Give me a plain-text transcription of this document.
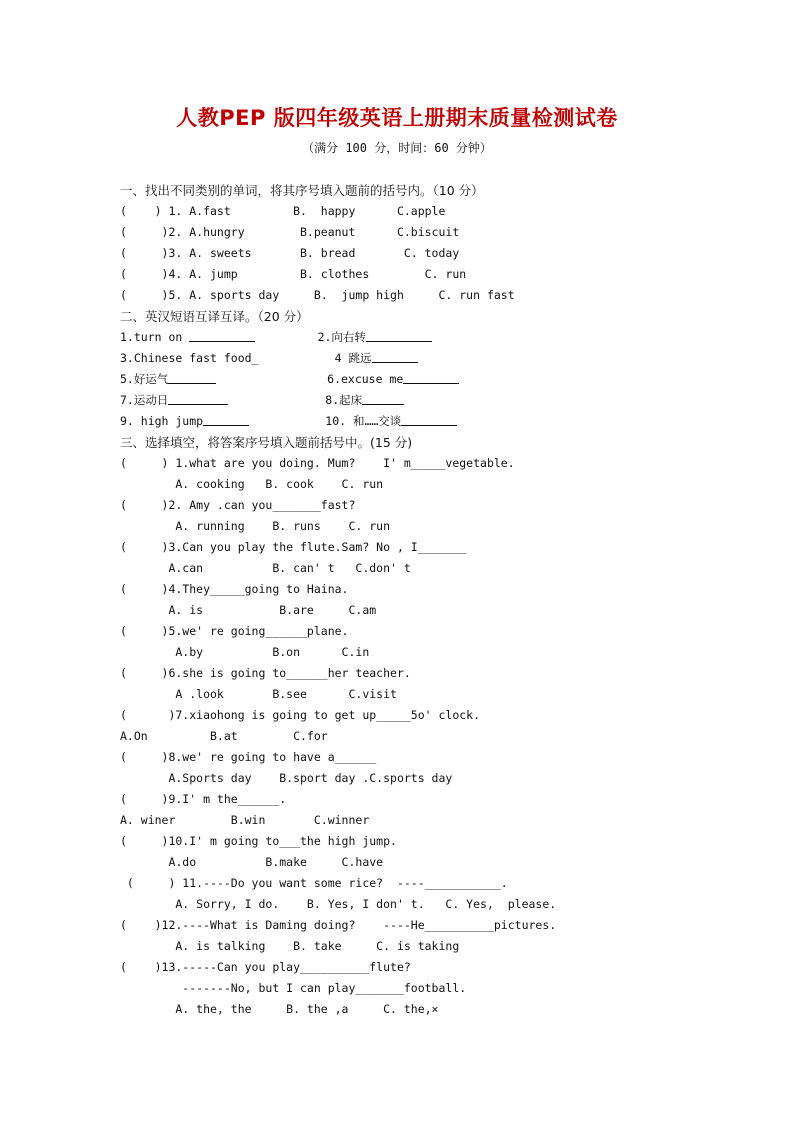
人教PEP 版四年级英语上册期末质量检测试卷
（满分 100 分，时间：60 分钟）
一、找出不同类别的单词，将其序号填入题前的括号内。（10 分）
(    ) 1. A.fast         B.  happy      C.apple
(     )2. A.hungry        B.peanut      C.biscuit
(     )3. A. sweets       B. bread       C. today
(     )4. A. jump         B. clothes        C. run
(     )5. A. sports day     B.  jump high     C. run fast
二、英汉短语互译互译。（20 分）
1.turn on	2.向右转
3.Chinese fast food_	4 跳远
5.好运气	6.excuse me
7.运动日	8.起床
9. high jump	10. 和……交谈
三、选择填空，将答案序号填入题前括号中。(15 分)
(     ) 1.what are you doing. Mum?    I' m_____vegetable.
A. cooking   B. cook    C. run
(     )2. Amy .can you_______fast?
A. running    B. runs    C. run
(     )3.Can you play the flute.Sam? No , I_______
A.can          B. can' t   C.don' t
(     )4.They_____going to Haina.
A. is           B.are     C.am
(     )5.we' re going______plane.
A.by          B.on      C.in
(     )6.she is going to______her teacher.
A .look       B.see      C.visit
(      )7.xiaohong is going to get up_____5o' clock.
A.On         B.at        C.for
(     )8.we' re going to have a______
A.Sports day    B.sport day .C.sports day
(     )9.I' m the______.
A. winer        B.win       C.winner
(     )10.I' m going to___the high jump.
A.do          B.make     C.have
(     ) 11.----Do you want some rice?  ----___________.
A. Sorry, I do.    B. Yes, I don' t.   C. Yes,  please.
(    )12.----What is Daming doing?    ----He__________pictures.
A. is talking    B. take     C. is taking
(    )13.-----Can you play__________flute?
-------No, but I can play_______football.
A. the, the     B. the ,a     C. the,×
